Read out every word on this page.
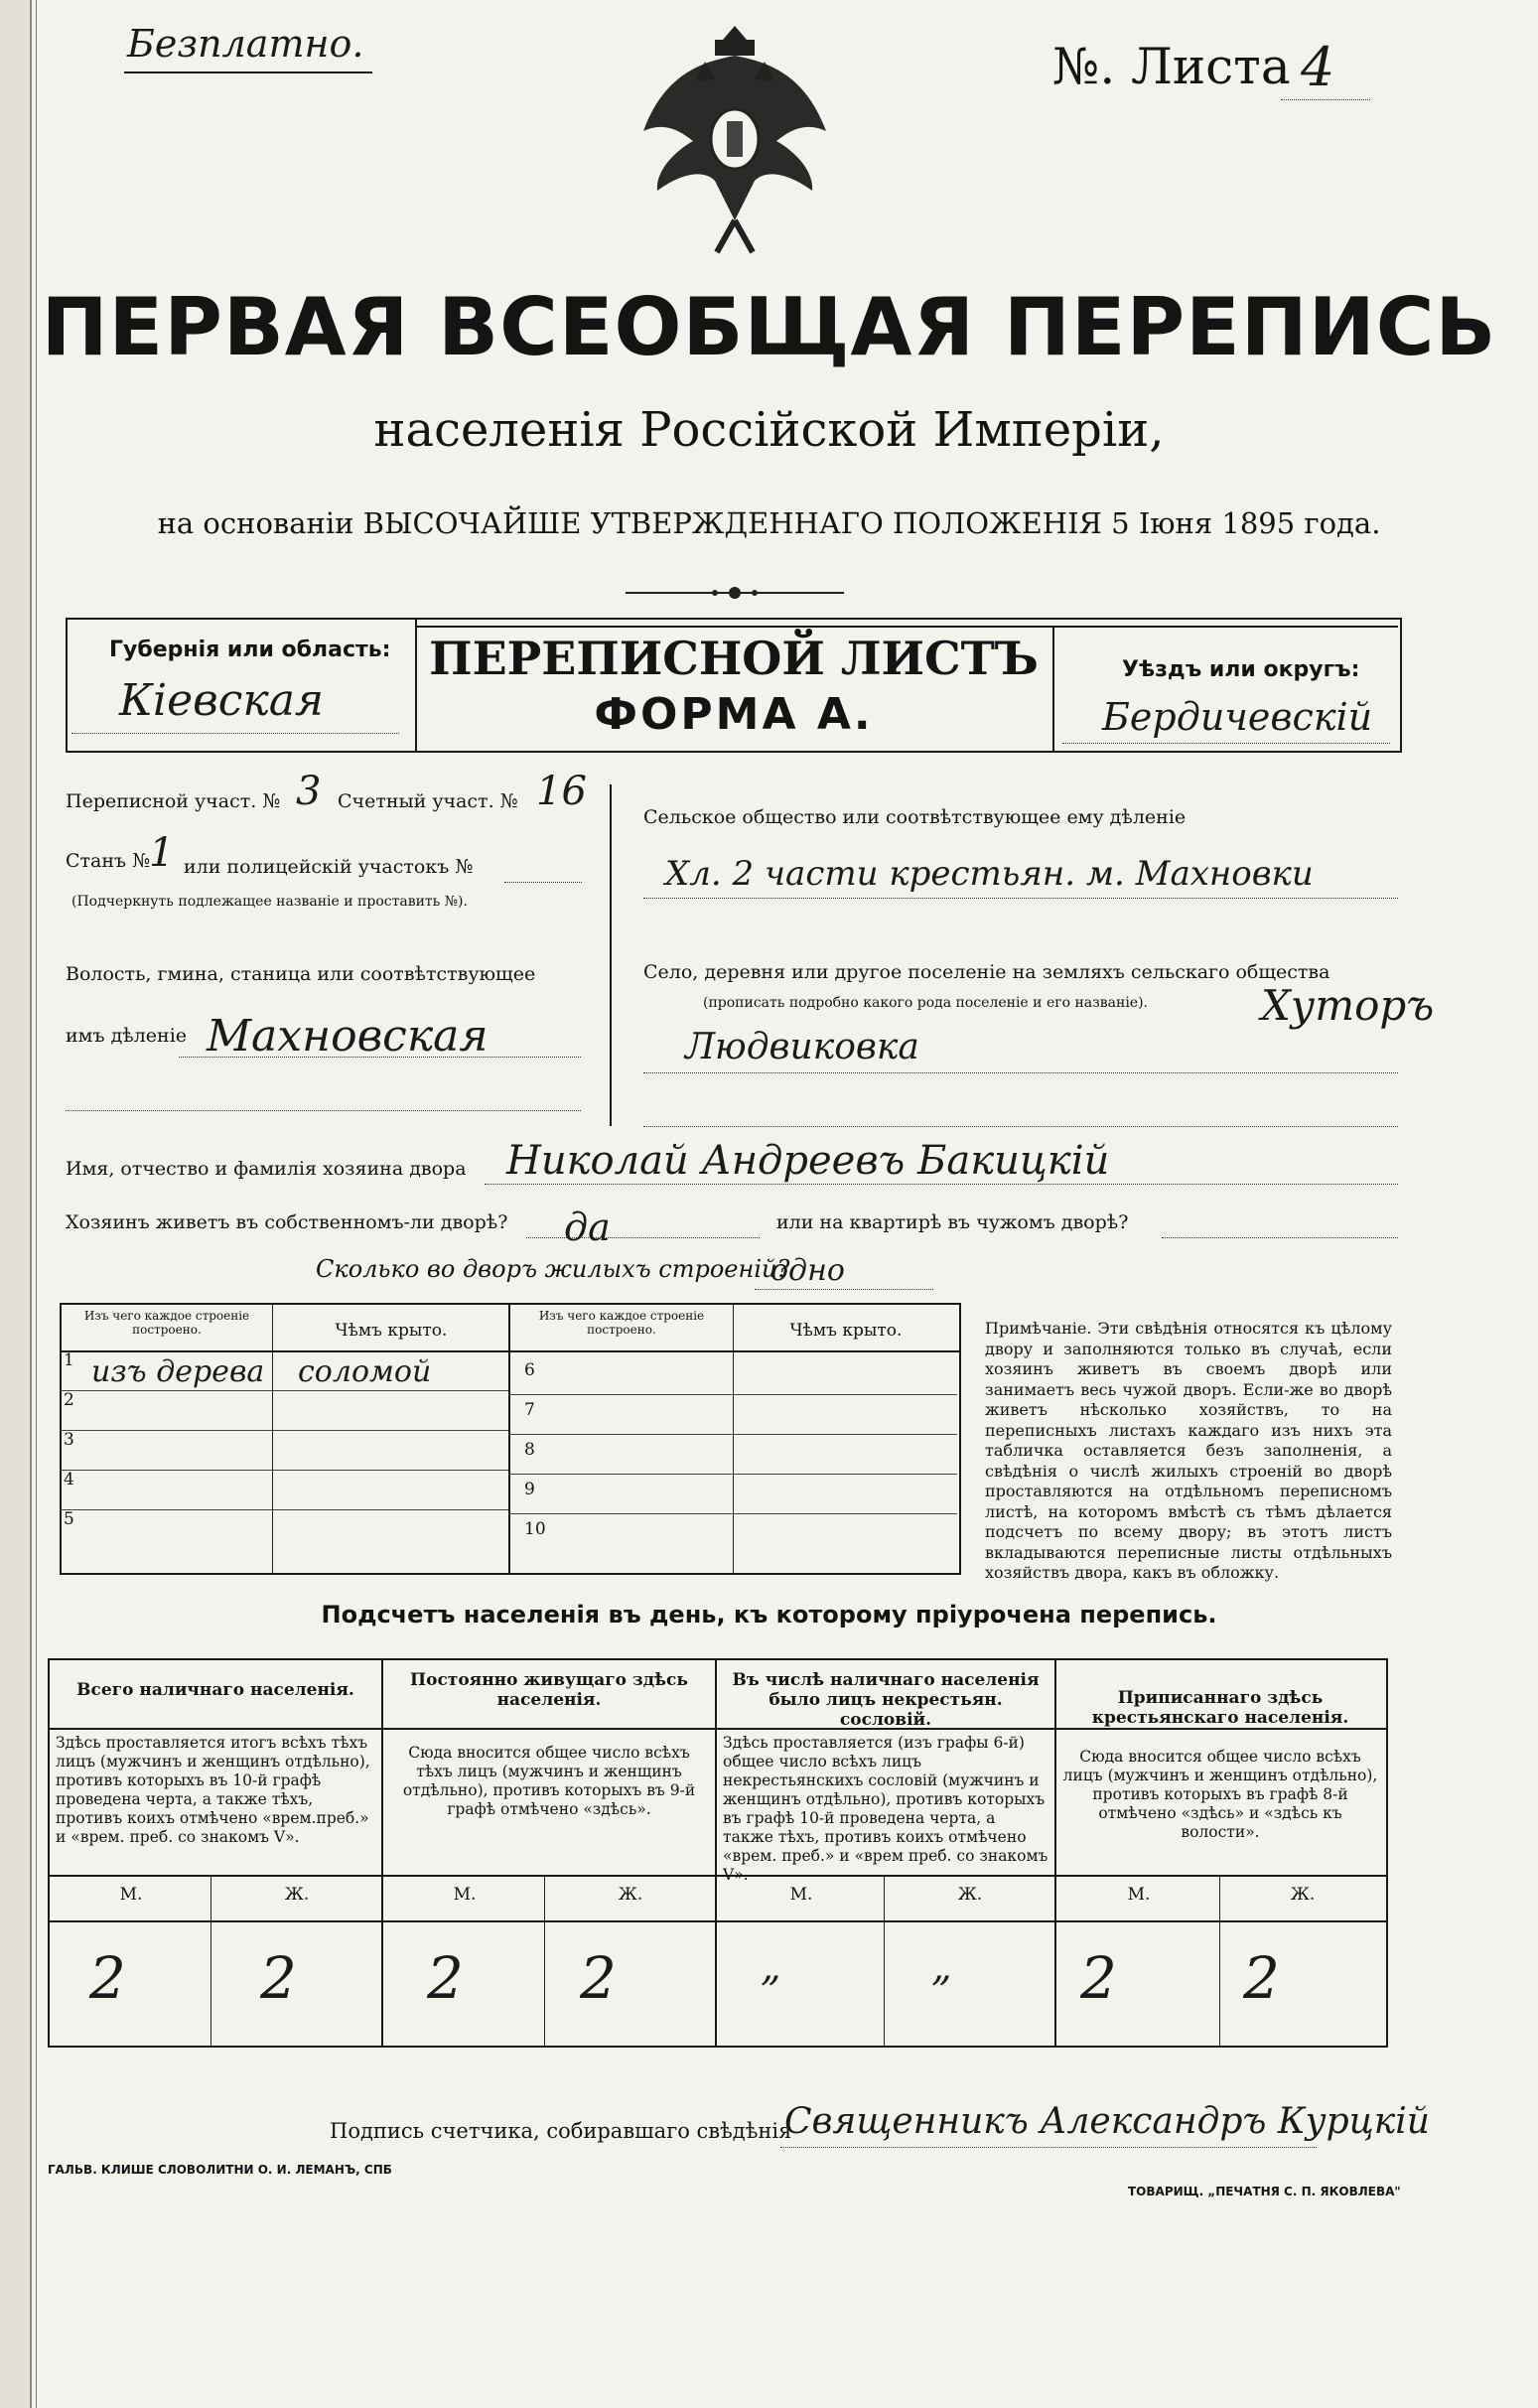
Безплатно.	№. Листа 4
ПЕРВАЯ ВСЕОБЩАЯ ПЕРЕПИСЬ
населенія Россійской Имперіи,
на основаніи ВЫСОЧАЙШЕ УТВЕРЖДЕННАГО ПОЛОЖЕНІЯ 5 Іюня 1895 года.
Губернія или область:
Кіевская
ПЕРЕПИСНОЙ ЛИСТЪ
ФОРМА А.
Уѣздъ или округъ:
Бердичевскій
Переписной участ. № 3 Счетный участ. № 16
Станъ №
1 или полицейскій участокъ №
(Подчеркнуть подлежащее названіе и проставить №).
Волость, гмина, станица или соотвѣтствующее
имъ дѣленіе Махновская
Сельское общество или соотвѣтствующее ему дѣленіе
Хл. 2 части крестьян. м. Махновки
Село, деревня или другое поселеніе на земляхъ сельскаго общества
(прописать подробно какого рода поселеніе и его названіе).	Хуторъ
Людвиковка
Имя, отчество и фамилія хозяина двора Николай Андреевъ Бакицкій
Хозяинъ живетъ въ собственномъ-ли дворѣ? да	или на квартирѣ въ чужомъ дворѣ?
Сколько во дворъ жилыхъ строеній?
одно
Изъ чего каждое строеніе построено.	Чѣмъ крыто.
Изъ чего каждое строеніе построено.	Чѣмъ крыто.
1 изъ дерева соломой
2
3
4
5
6
7
8
9
10
Примѣчаніе. Эти свѣдѣнія относятся къ цѣлому двору и заполняются только въ случаѣ, если хозяинъ живетъ въ своемъ дворѣ или занимаетъ весь чужой дворъ. Если-же во дворѣ живетъ нѣсколько хозяйствъ, то на переписныхъ листахъ каждаго изъ нихъ эта табличка оставляется безъ заполненія, а свѣдѣнія о числѣ жилыхъ строеній во дворѣ проставляются на отдѣльномъ переписномъ листѣ, на которомъ вмѣстѣ съ тѣмъ дѣлается подсчетъ по всему двору; въ этотъ листъ вкладываются переписные листы отдѣльныхъ хозяйствъ двора, какъ въ обложку.
Подсчетъ населенія въ день, къ которому пріурочена перепись.
Всего наличнаго населенія.
Здѣсь проставляется итогъ всѣхъ тѣхъ лицъ (мужчинъ и женщинъ отдѣльно), противъ которыхъ въ 10-й графѣ проведена черта, а также тѣхъ, противъ коихъ отмѣчено «врем.преб.» и «врем. преб. со знакомъ V».
М.	Ж.
2 2
Постоянно живущаго здѣсь населенія.
Сюда вносится общее число всѣхъ тѣхъ лицъ (мужчинъ и женщинъ отдѣльно), противъ которыхъ въ 9-й графѣ отмѣчено «здѣсь».
М.	Ж.
2 2
Въ числѣ наличнаго населенія было лицъ некрестьян. сословій.
Здѣсь проставляется (изъ графы 6-й) общее число всѣхъ лицъ некрестьянскихъ сословій (мужчинъ и женщинъ отдѣльно), противъ которыхъ въ графѣ 10-й проведена черта, а также тѣхъ, противъ коихъ отмѣчено «врем. преб.» и «врем преб. со знакомъ V».
М.	Ж.
„	„
Приписаннаго здѣсь крестьянскаго населенія.
Сюда вносится общее число всѣхъ лицъ (мужчинъ и женщинъ отдѣльно), противъ которыхъ въ графѣ 8-й отмѣчено «здѣсь» и «здѣсь къ волости».
М.	Ж.
2 2
Подпись счетчика, собиравшаго свѣдѣнія
Священникъ Александръ Курцкій
ГАЛЬВ. КЛИШЕ СЛОВОЛИТНИ О. И. ЛЕМАНЪ, СПБ
ТОВАРИЩ. „ПЕЧАТНЯ С. П. ЯКОВЛЕВА"
